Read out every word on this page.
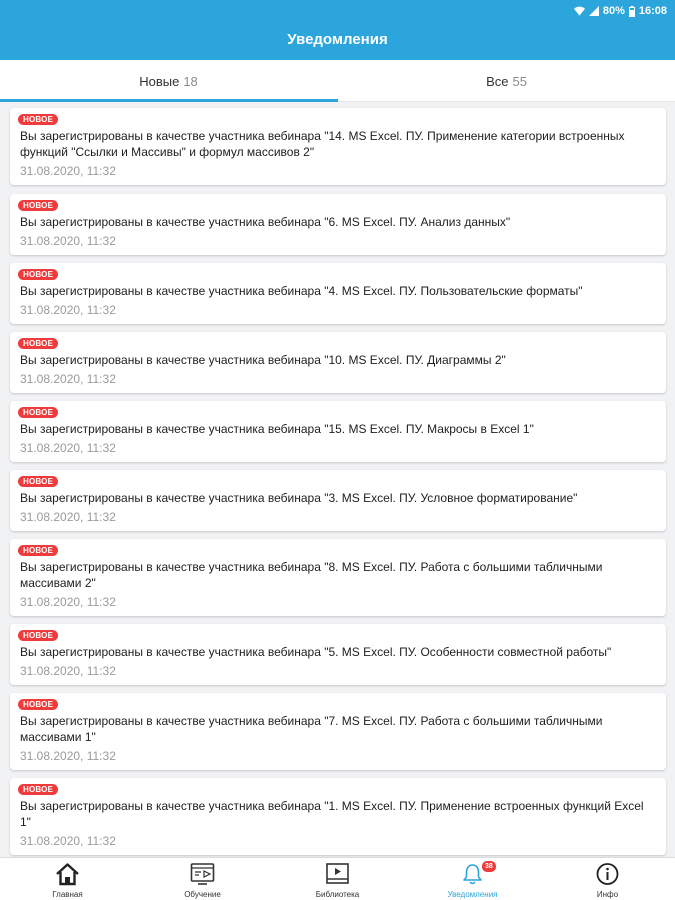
80% 16:08
Уведомления
Новые 18	Все 55
НОВОЕ
Вы зарегистрированы в качестве участника вебинара "14. MS Excel. ПУ. Применение категории встроенных функций "Ссылки и Массивы" и формул массивов 2"
31.08.2020, 11:32
НОВОЕ
Вы зарегистрированы в качестве участника вебинара "6. MS Excel. ПУ. Анализ данных"
31.08.2020, 11:32
НОВОЕ
Вы зарегистрированы в качестве участника вебинара "4. MS Excel. ПУ. Пользовательские форматы"
31.08.2020, 11:32
НОВОЕ
Вы зарегистрированы в качестве участника вебинара "10. MS Excel. ПУ. Диаграммы 2"
31.08.2020, 11:32
НОВОЕ
Вы зарегистрированы в качестве участника вебинара "15. MS Excel. ПУ. Макросы в Excel 1"
31.08.2020, 11:32
НОВОЕ
Вы зарегистрированы в качестве участника вебинара "3. MS Excel. ПУ. Условное форматирование"
31.08.2020, 11:32
НОВОЕ
Вы зарегистрированы в качестве участника вебинара "8. MS Excel. ПУ. Работа с большими табличными массивами 2"
31.08.2020, 11:32
НОВОЕ
Вы зарегистрированы в качестве участника вебинара "5. MS Excel. ПУ. Особенности совместной работы"
31.08.2020, 11:32
НОВОЕ
Вы зарегистрированы в качестве участника вебинара "7. MS Excel. ПУ. Работа с большими табличными массивами 1"
31.08.2020, 11:32
НОВОЕ
Вы зарегистрированы в качестве участника вебинара "1. MS Excel. ПУ. Применение встроенных функций Excel 1"
31.08.2020, 11:32
Главная	Обучение	Библиотека
38
Уведомления	Инфо
